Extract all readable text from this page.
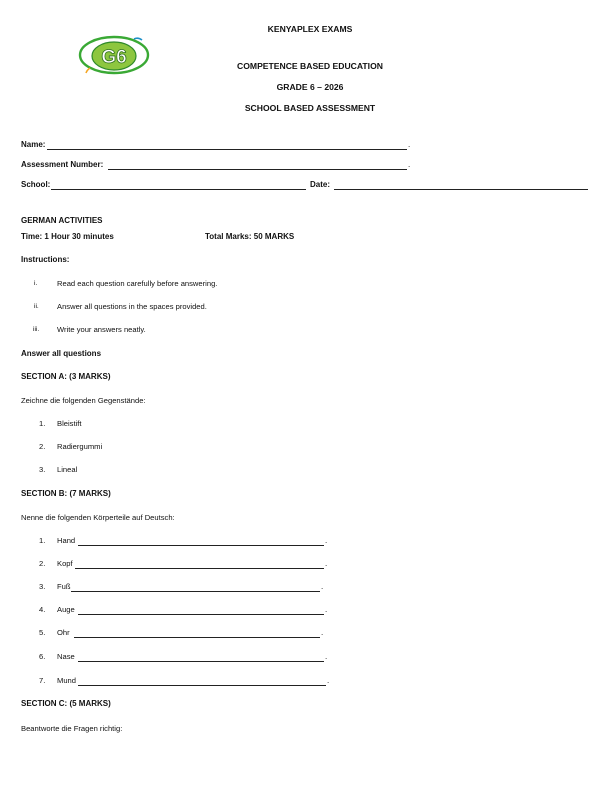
G6
KENYAPLEX EXAMS
COMPETENCE BASED EDUCATION
GRADE 6 – 2026
SCHOOL BASED ASSESSMENT
Name:	.
Assessment Number:	.
School:	Date:
GERMAN ACTIVITIES
Time: 1 Hour 30 minutes	Total Marks: 50 MARKS
Instructions:
i.	Read each question carefully before answering.
ii. Answer all questions in the spaces provided.
iii. Write your answers neatly.
Answer all questions
SECTION A: (3 MARKS)
Zeichne die folgenden Gegenstände:
1. Bleistift
2. Radiergummi
3. Lineal
SECTION B: (7 MARKS)
Nenne die folgenden Körperteile auf Deutsch:
1. Hand	.
2. Kopf	.
3. Fuß	.
4. Auge	.
5. Ohr	.
6. Nase	.
7. Mund	.
SECTION C: (5 MARKS)
Beantworte die Fragen richtig:
